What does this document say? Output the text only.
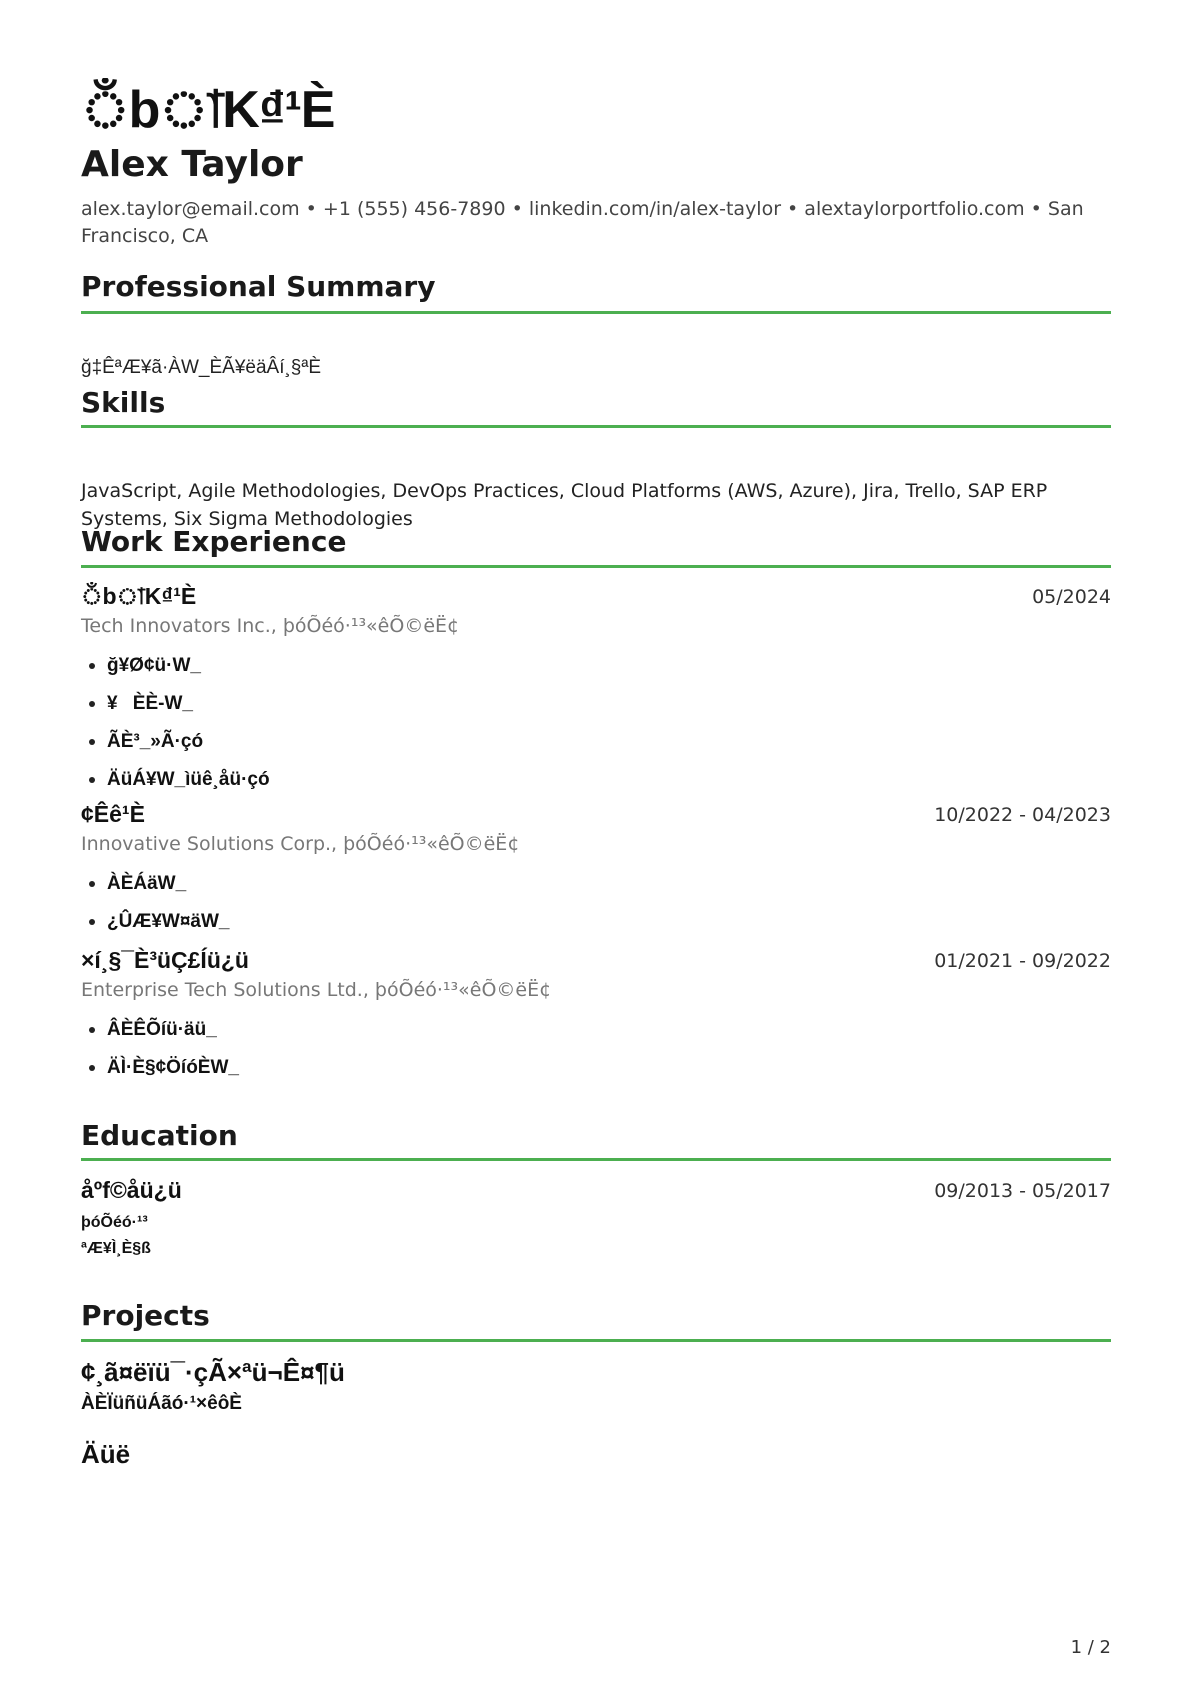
ঁbাK₫¹È
Alex Taylor
alex.taylor@email.com • +1 (555) 456-7890 • linkedin.com/in/alex-taylor • alextaylorportfolio.com • San Francisco, CA
Professional Summary
ğ‡ÊªÆ¥ã·ÀW_ÈÃ¥ëäÂí¸§ªÈ
Skills
JavaScript, Agile Methodologies, DevOps Practices, Cloud Platforms (AWS, Azure), Jira, Trello, SAP ERP Systems, Six Sigma Methodologies
Work Experience
ঁbাK₫¹È	05/2024
Tech Innovators Inc., þóÕéó·¹³«êÕ©ëË¢
• ğ¥Ø¢ü·W_
• ¥ÈÈ-W_
• ÃÈ³_»Ã·çó
• ÄüÁ¥W_ìüê¸åü·çó
¢Êê¹È	10/2022 - 04/2023
Innovative Solutions Corp., þóÕéó·¹³«êÕ©ëË¢
• ÀÈÁäW_
• ¿ÛÆ¥W¤äW_
×í¸§¯È³üÇ£Íü¿ü	01/2021 - 09/2022
Enterprise Tech Solutions Ltd., þóÕéó·¹³«êÕ©ëË¢
• ÂÈÊÕíü·äü_
• ÄÌ·È§¢ÖíóÈW_
Education
åºf©åü¿ü	09/2013 - 05/2017
þóÕéó·¹³
ªÆ¥Ì¸È§ß
Projects
¢¸ã¤ëïü¯·çÃ×ªü¬Ê¤¶ü
ÀÈÏüñüÁãó·¹×êôÈ
Äüë
1 / 2
